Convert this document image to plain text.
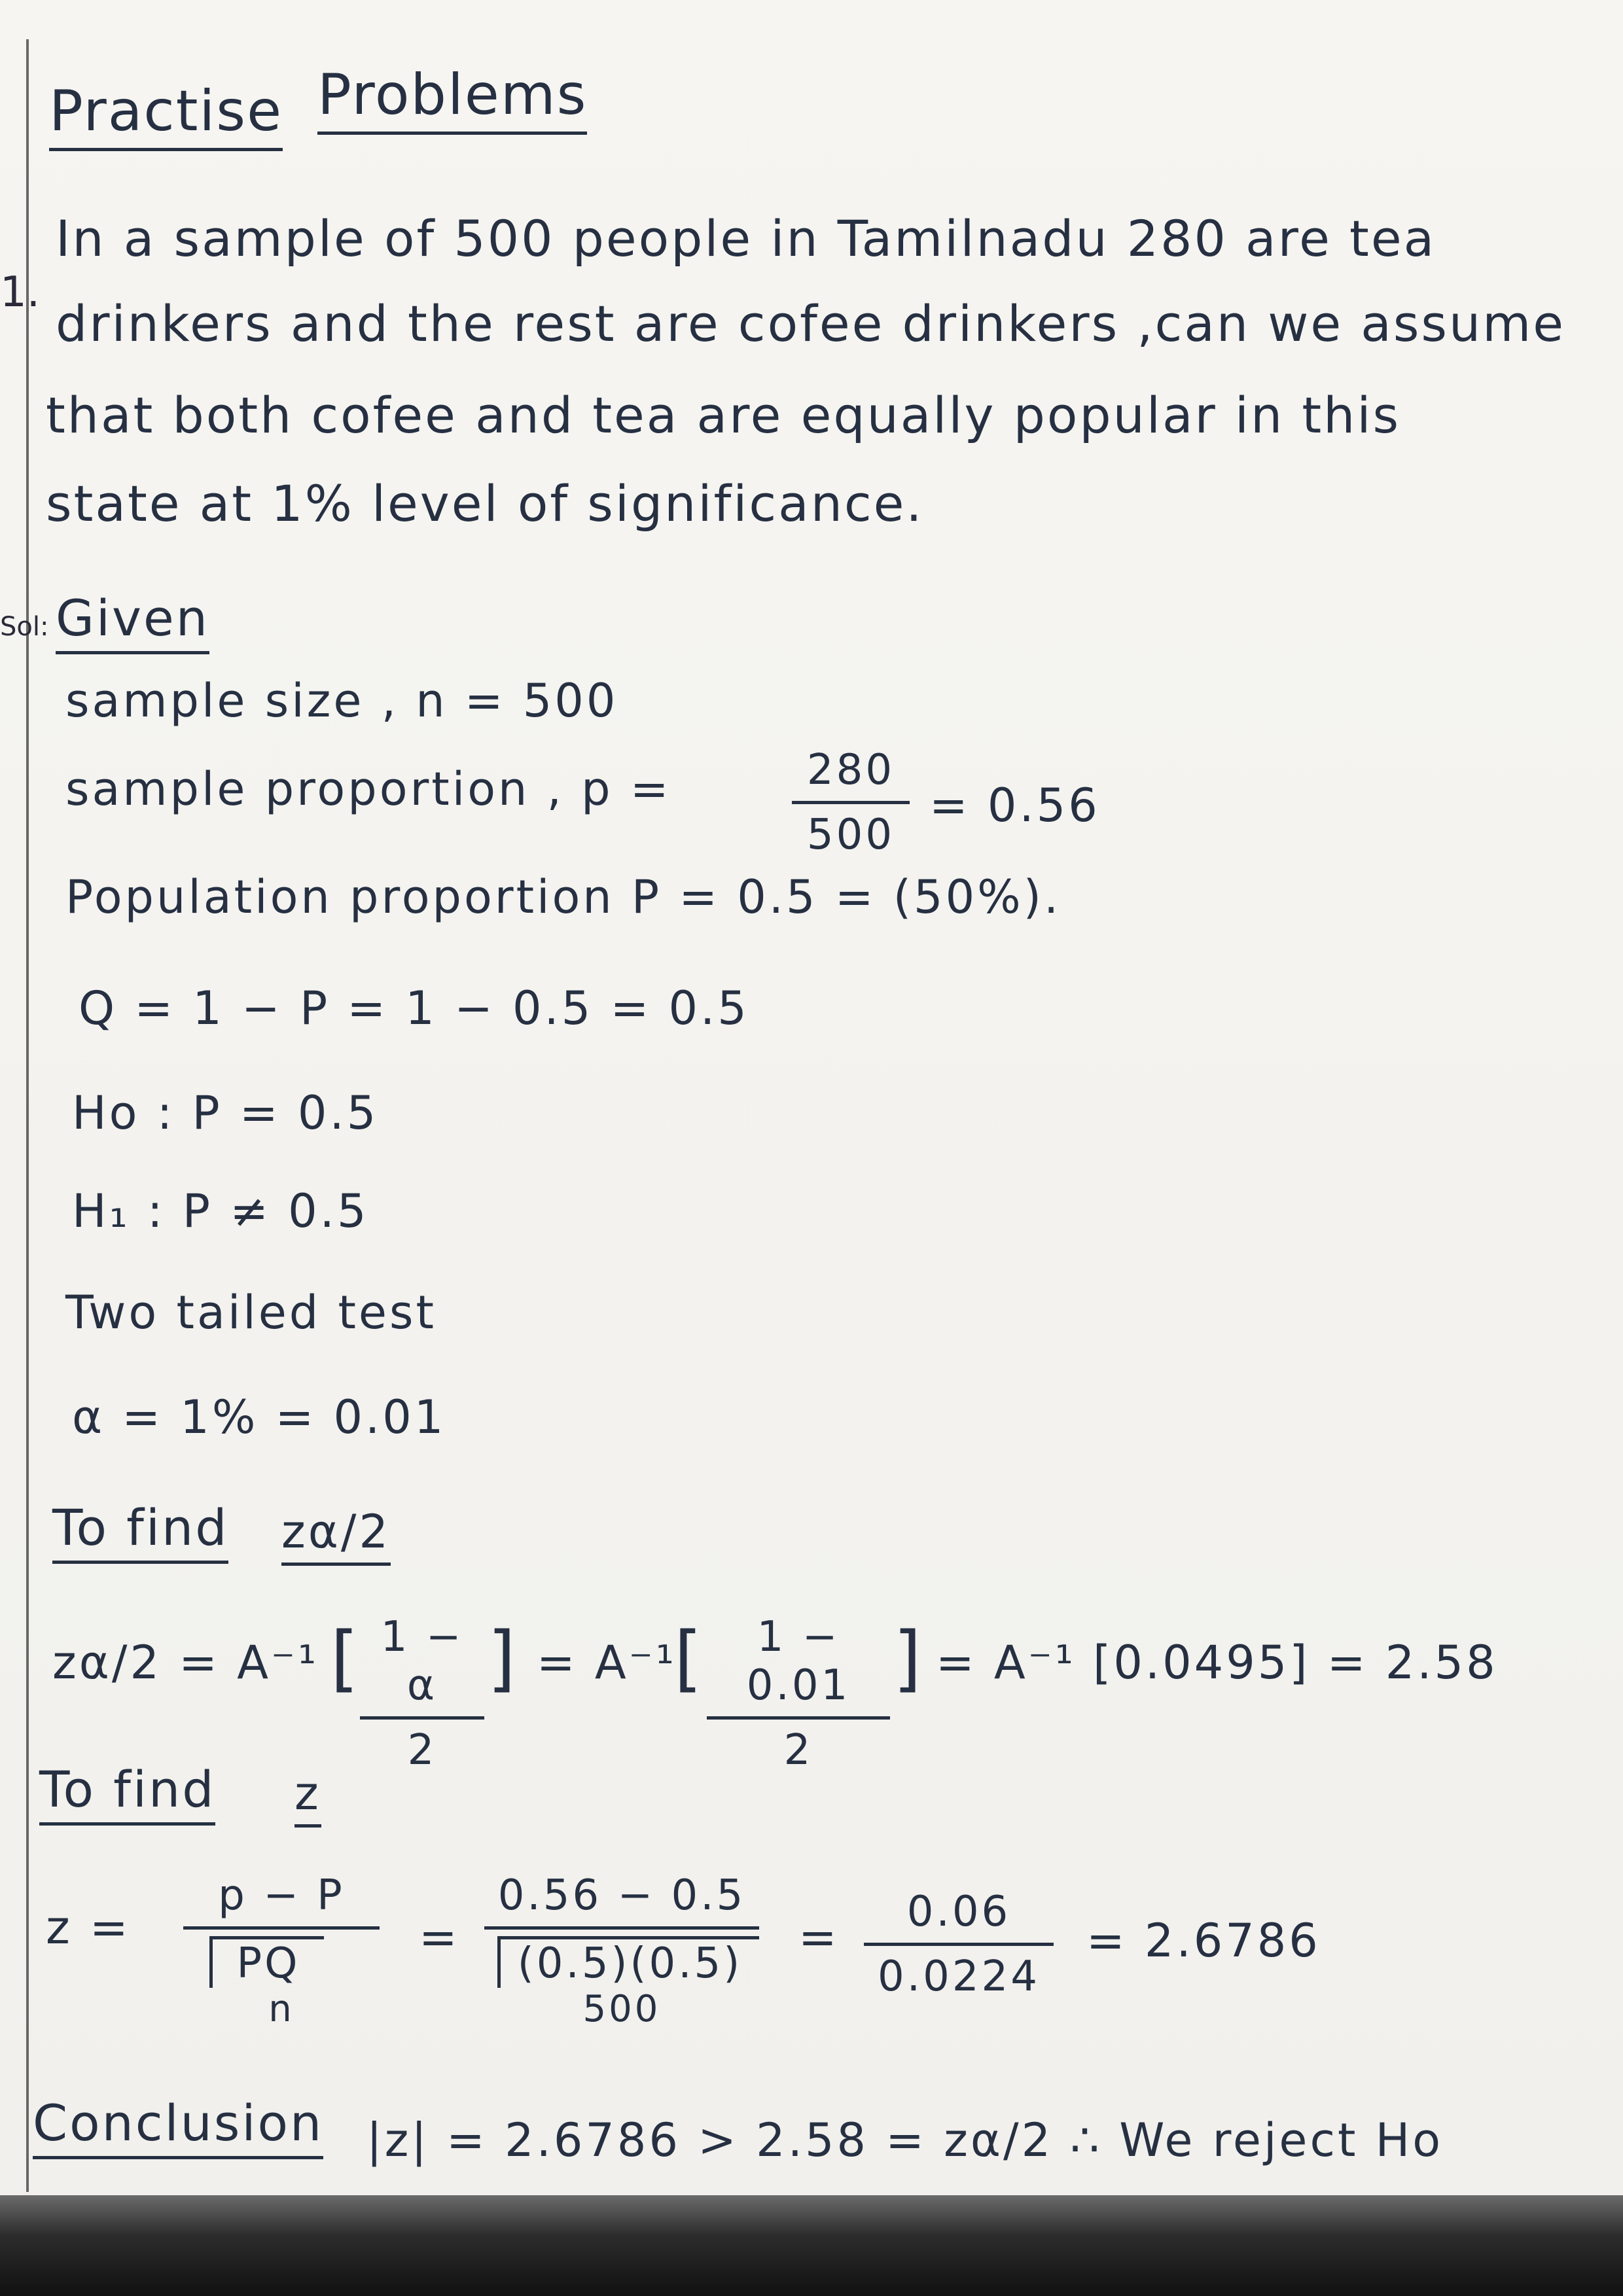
Practise Problems
1.
In a sample of 500 people in Tamilnadu 280 are tea
drinkers and the rest are cofee drinkers ,can we assume
that both cofee and tea are equally popular in this
state at 1% level of significance.
Sol: Given
sample size , n = 500
sample proportion , p =	280
500
= 0.56
Population proportion P = 0.5 = (50%).
Q = 1 − P = 1 − 0.5 = 0.5
Ho : P = 0.5
H₁ : P ≠ 0.5
Two tailed test
α = 1% = 0.01
To find zα/2
zα/2 = A⁻¹ [ 1 − α
2
] = A⁻¹
[	1 − 0.01
2
] = A⁻¹ [0.0495] = 2.58
To find z
z =
p − P
PQ
n
=
0.56 − 0.5
(0.5)(0.5)
500
=	0.06
0.0224
= 2.6786
Conclusion |z| = 2.6786 > 2.58 = zα/2 ∴ We reject Ho
